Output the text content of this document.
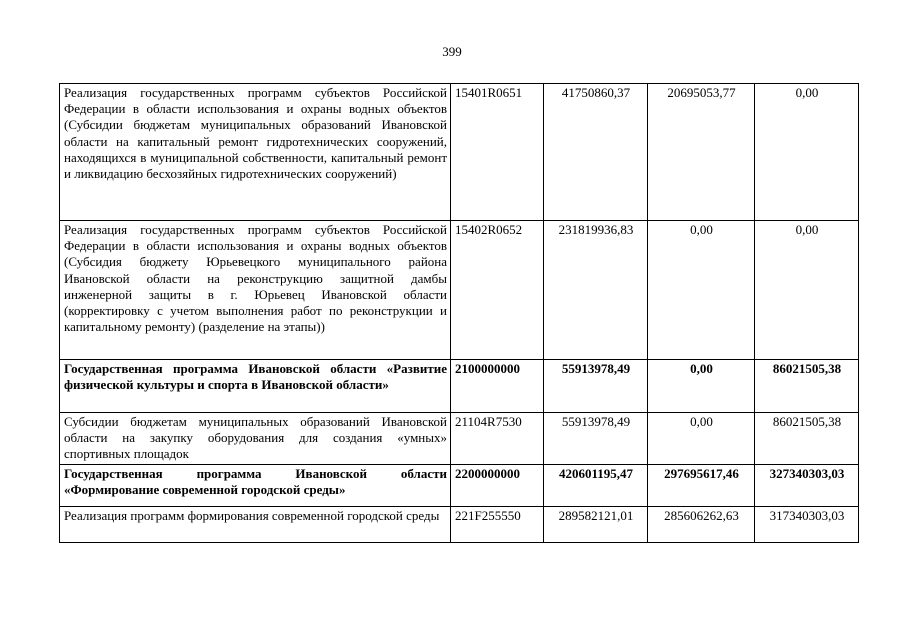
399
Реализация государственных программ субъектов Российской Федерации в области использования и охраны водных объектов (Субсидии бюджетам муниципальных образований Ивановской области на капитальный ремонт гидротехнических сооружений, находящихся в муниципальной собственности, капитальный ремонт и ликвидацию бесхозяйных гидротехнических сооружений)	15401R0651	41750860,37	20695053,77	0,00
Реализация государственных программ субъектов Российской Федерации в области использования и охраны водных объектов (Субсидия бюджету Юрьевецкого муниципального района Ивановской области на реконструкцию защитной дамбы инженерной защиты в г. Юрьевец Ивановской области (корректировку с учетом выполнения работ по реконструкции и капитальному ремонту) (разделение на этапы))	15402R0652	231819936,83	0,00	0,00
Государственная программа Ивановской области «Развитие физической культуры и спорта в Ивановской области»	2100000000	55913978,49	0,00	86021505,38
Субсидии бюджетам муниципальных образований Ивановской области на закупку оборудования для создания «умных» спортивных площадок	21104R7530	55913978,49	0,00	86021505,38
Государственная программа Ивановской области «Формирование современной городской среды»	2200000000	420601195,47	297695617,46	327340303,03
Реализация программ формирования современной городской среды	221F255550	289582121,01	285606262,63	317340303,03
